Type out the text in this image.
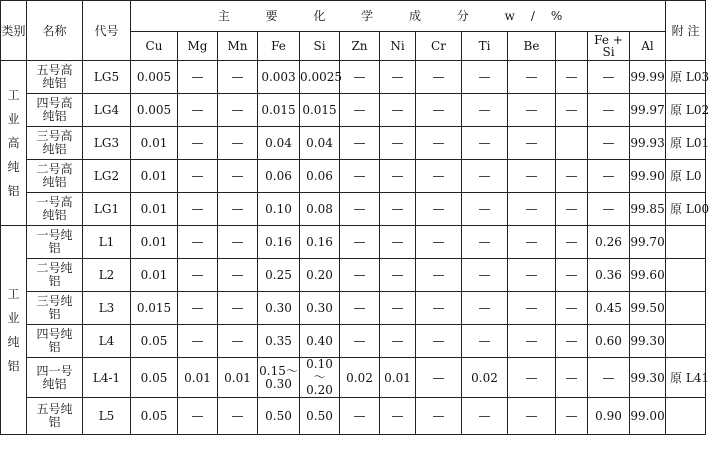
类别	名称	代号	主 要 化 学 成 分 w/%													附 注
			Cu	Mg	Mn	Fe	Si	Zn	Ni	Cr	Ti	Be		Fe + Si	Al	
工业高纯铝	五号高纯铝	LG5	0.005	—	—	0.003	0.0025	—	—	—	—	—	—	—	99.99	原 L03
	四号高纯铝	LG4	0.005	—	—	0.015	0.015	—	—	—	—	—	—	—	99.97	原 L02
	三号高纯铝	LG3	0.01	—	—	0.04	0.04	—	—	—	—	—		—	99.93	原 L01
	二号高纯铝	LG2	0.01	—	—	0.06	0.06	—	—	—	—	—	—	—	99.90	原 L0
	一号高纯铝	LG1	0.01	—	—	0.10	0.08	—	—	—	—	—	—	—	99.85	原 L00
工业纯铝	一号纯铝	L1	0.01	—	—	0.16	0.16	—	—	—	—	—	—	0.26	99.70	
	二号纯铝	L2	0.01	—	—	0.25	0.20	—	—	—	—	—	—	0.36	99.60	
	三号纯铝	L3	0.015	—	—	0.30	0.30	—	—	—	—	—	—	0.45	99.50	
	四号纯铝	L4	0.05	—	—	0.35	0.40	—	—	—	—	—	—	0.60	99.30	
	四一号纯铝	L4-1	0.05	0.01	0.01	0.15～0.30	0.10～0.20	0.02	0.01	—	0.02	—	—	—	99.30	原 L41
	五号纯铝	L5	0.05	—	—	0.50	0.50	—	—	—	—	—	—	0.90	99.00	
